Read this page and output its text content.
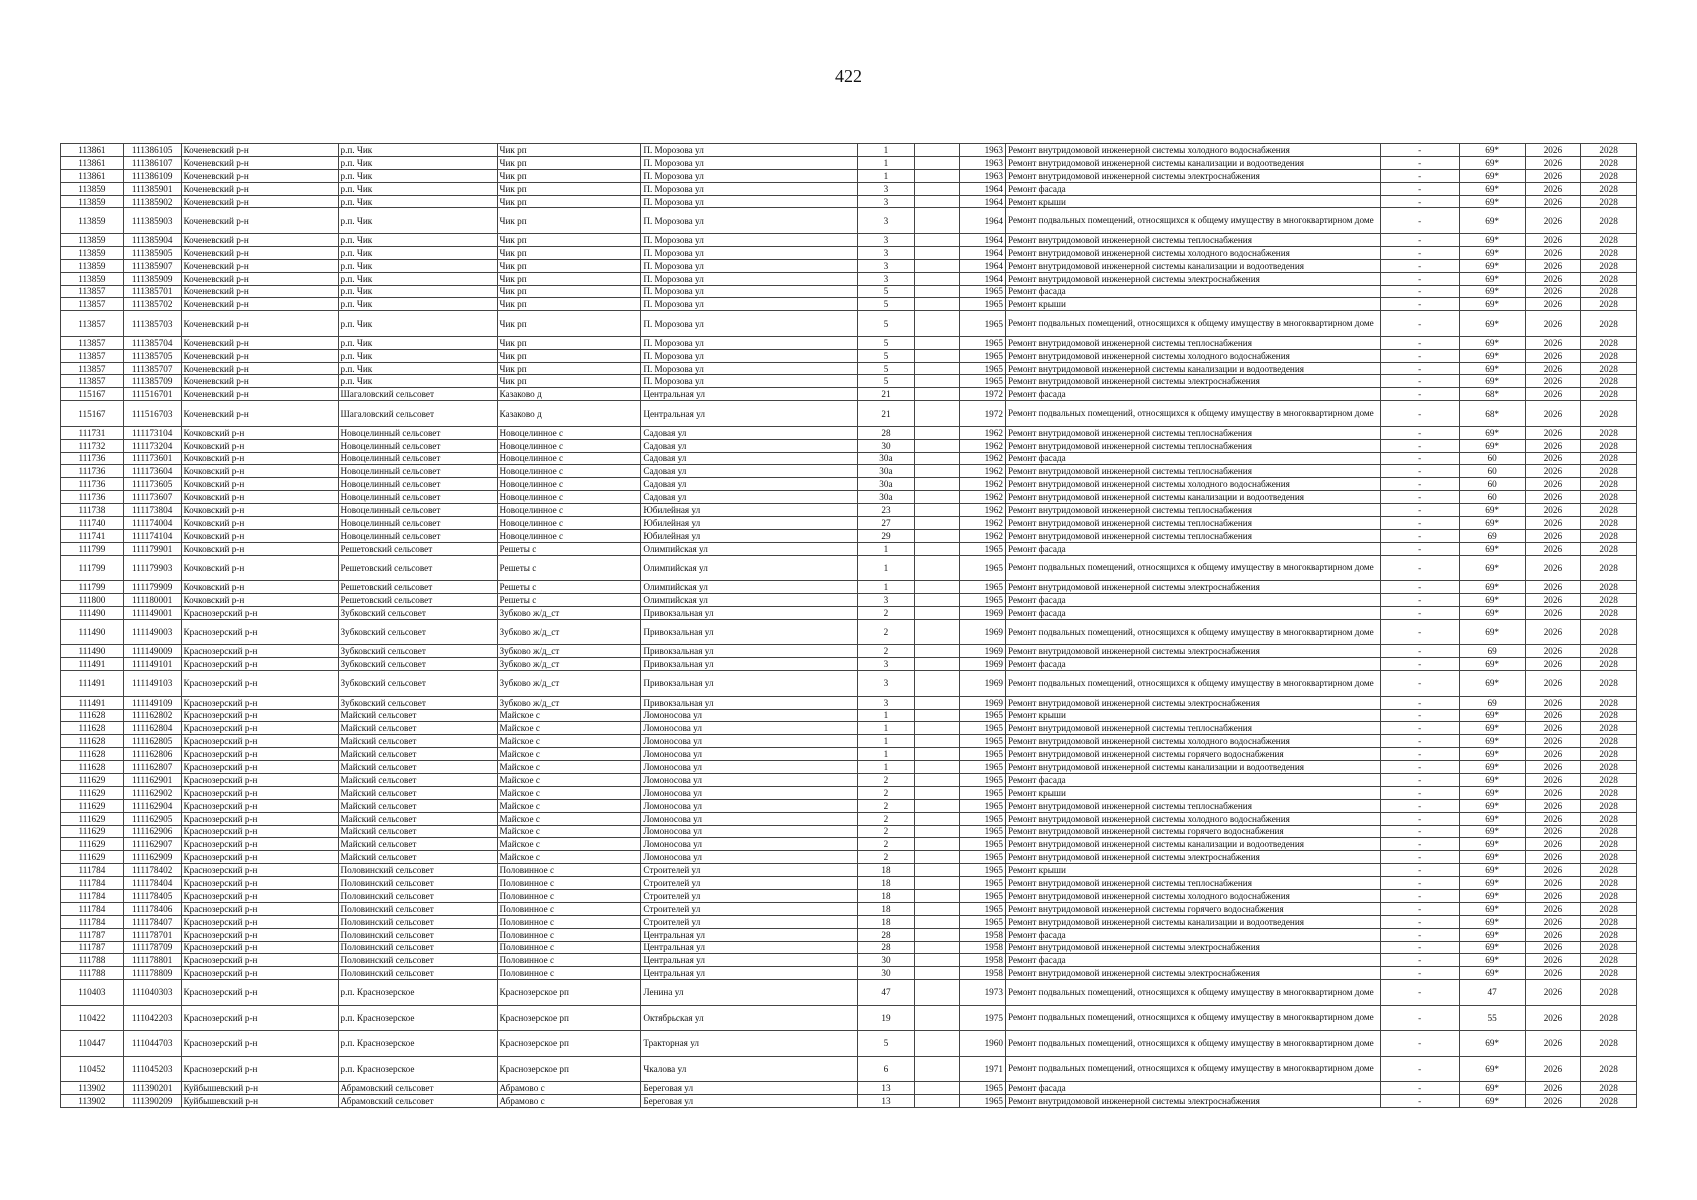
422
113861	111386105	Коченевский р-н	р.п. Чик	Чик рп	П. Морозова ул	1		1963	Ремонт внутридомовой инженерной системы холодного водоснабжения	-	69*	2026	2028
113861	111386107	Коченевский р-н	р.п. Чик	Чик рп	П. Морозова ул	1		1963	Ремонт внутридомовой инженерной системы канализации и водоотведения	-	69*	2026	2028
113861	111386109	Коченевский р-н	р.п. Чик	Чик рп	П. Морозова ул	1		1963	Ремонт внутридомовой инженерной системы электроснабжения	-	69*	2026	2028
113859	111385901	Коченевский р-н	р.п. Чик	Чик рп	П. Морозова ул	3		1964	Ремонт фасада	-	69*	2026	2028
113859	111385902	Коченевский р-н	р.п. Чик	Чик рп	П. Морозова ул	3		1964	Ремонт крыши	-	69*	2026	2028
113859	111385903	Коченевский р-н	р.п. Чик	Чик рп	П. Морозова ул	3		1964	Ремонт подвальных помещений, относящихся к общему имуществу в многоквартирном доме	-	69*	2026	2028
113859	111385904	Коченевский р-н	р.п. Чик	Чик рп	П. Морозова ул	3		1964	Ремонт внутридомовой инженерной системы теплоснабжения	-	69*	2026	2028
113859	111385905	Коченевский р-н	р.п. Чик	Чик рп	П. Морозова ул	3		1964	Ремонт внутридомовой инженерной системы холодного водоснабжения	-	69*	2026	2028
113859	111385907	Коченевский р-н	р.п. Чик	Чик рп	П. Морозова ул	3		1964	Ремонт внутридомовой инженерной системы канализации и водоотведения	-	69*	2026	2028
113859	111385909	Коченевский р-н	р.п. Чик	Чик рп	П. Морозова ул	3		1964	Ремонт внутридомовой инженерной системы электроснабжения	-	69*	2026	2028
113857	111385701	Коченевский р-н	р.п. Чик	Чик рп	П. Морозова ул	5		1965	Ремонт фасада	-	69*	2026	2028
113857	111385702	Коченевский р-н	р.п. Чик	Чик рп	П. Морозова ул	5		1965	Ремонт крыши	-	69*	2026	2028
113857	111385703	Коченевский р-н	р.п. Чик	Чик рп	П. Морозова ул	5		1965	Ремонт подвальных помещений, относящихся к общему имуществу в многоквартирном доме	-	69*	2026	2028
113857	111385704	Коченевский р-н	р.п. Чик	Чик рп	П. Морозова ул	5		1965	Ремонт внутридомовой инженерной системы теплоснабжения	-	69*	2026	2028
113857	111385705	Коченевский р-н	р.п. Чик	Чик рп	П. Морозова ул	5		1965	Ремонт внутридомовой инженерной системы холодного водоснабжения	-	69*	2026	2028
113857	111385707	Коченевский р-н	р.п. Чик	Чик рп	П. Морозова ул	5		1965	Ремонт внутридомовой инженерной системы канализации и водоотведения	-	69*	2026	2028
113857	111385709	Коченевский р-н	р.п. Чик	Чик рп	П. Морозова ул	5		1965	Ремонт внутридомовой инженерной системы электроснабжения	-	69*	2026	2028
115167	111516701	Коченевский р-н	Шагаловский сельсовет	Казаково д	Центральная ул	21		1972	Ремонт фасада	-	68*	2026	2028
115167	111516703	Коченевский р-н	Шагаловский сельсовет	Казаково д	Центральная ул	21		1972	Ремонт подвальных помещений, относящихся к общему имуществу в многоквартирном доме	-	68*	2026	2028
111731	111173104	Кочковский р-н	Новоцелинный сельсовет	Новоцелинное с	Садовая ул	28		1962	Ремонт внутридомовой инженерной системы теплоснабжения	-	69*	2026	2028
111732	111173204	Кочковский р-н	Новоцелинный сельсовет	Новоцелинное с	Садовая ул	30		1962	Ремонт внутридомовой инженерной системы теплоснабжения	-	69*	2026	2028
111736	111173601	Кочковский р-н	Новоцелинный сельсовет	Новоцелинное с	Садовая ул	30а		1962	Ремонт фасада	-	60	2026	2028
111736	111173604	Кочковский р-н	Новоцелинный сельсовет	Новоцелинное с	Садовая ул	30а		1962	Ремонт внутридомовой инженерной системы теплоснабжения	-	60	2026	2028
111736	111173605	Кочковский р-н	Новоцелинный сельсовет	Новоцелинное с	Садовая ул	30а		1962	Ремонт внутридомовой инженерной системы холодного водоснабжения	-	60	2026	2028
111736	111173607	Кочковский р-н	Новоцелинный сельсовет	Новоцелинное с	Садовая ул	30а		1962	Ремонт внутридомовой инженерной системы канализации и водоотведения	-	60	2026	2028
111738	111173804	Кочковский р-н	Новоцелинный сельсовет	Новоцелинное с	Юбилейная ул	23		1962	Ремонт внутридомовой инженерной системы теплоснабжения	-	69*	2026	2028
111740	111174004	Кочковский р-н	Новоцелинный сельсовет	Новоцелинное с	Юбилейная ул	27		1962	Ремонт внутридомовой инженерной системы теплоснабжения	-	69*	2026	2028
111741	111174104	Кочковский р-н	Новоцелинный сельсовет	Новоцелинное с	Юбилейная ул	29		1962	Ремонт внутридомовой инженерной системы теплоснабжения	-	69	2026	2028
111799	111179901	Кочковский р-н	Решетовский сельсовет	Решеты с	Олимпийская ул	1		1965	Ремонт фасада	-	69*	2026	2028
111799	111179903	Кочковский р-н	Решетовский сельсовет	Решеты с	Олимпийская ул	1		1965	Ремонт подвальных помещений, относящихся к общему имуществу в многоквартирном доме	-	69*	2026	2028
111799	111179909	Кочковский р-н	Решетовский сельсовет	Решеты с	Олимпийская ул	1		1965	Ремонт внутридомовой инженерной системы электроснабжения	-	69*	2026	2028
111800	111180001	Кочковский р-н	Решетовский сельсовет	Решеты с	Олимпийская ул	3		1965	Ремонт фасада	-	69*	2026	2028
111490	111149001	Краснозерский р-н	Зубковский сельсовет	Зубково ж/д_ст	Привокзальная ул	2		1969	Ремонт фасада	-	69*	2026	2028
111490	111149003	Краснозерский р-н	Зубковский сельсовет	Зубково ж/д_ст	Привокзальная ул	2		1969	Ремонт подвальных помещений, относящихся к общему имуществу в многоквартирном доме	-	69*	2026	2028
111490	111149009	Краснозерский р-н	Зубковский сельсовет	Зубково ж/д_ст	Привокзальная ул	2		1969	Ремонт внутридомовой инженерной системы электроснабжения	-	69	2026	2028
111491	111149101	Краснозерский р-н	Зубковский сельсовет	Зубково ж/д_ст	Привокзальная ул	3		1969	Ремонт фасада	-	69*	2026	2028
111491	111149103	Краснозерский р-н	Зубковский сельсовет	Зубково ж/д_ст	Привокзальная ул	3		1969	Ремонт подвальных помещений, относящихся к общему имуществу в многоквартирном доме	-	69*	2026	2028
111491	111149109	Краснозерский р-н	Зубковский сельсовет	Зубково ж/д_ст	Привокзальная ул	3		1969	Ремонт внутридомовой инженерной системы электроснабжения	-	69	2026	2028
111628	111162802	Краснозерский р-н	Майский сельсовет	Майское с	Ломоносова ул	1		1965	Ремонт крыши	-	69*	2026	2028
111628	111162804	Краснозерский р-н	Майский сельсовет	Майское с	Ломоносова ул	1		1965	Ремонт внутридомовой инженерной системы теплоснабжения	-	69*	2026	2028
111628	111162805	Краснозерский р-н	Майский сельсовет	Майское с	Ломоносова ул	1		1965	Ремонт внутридомовой инженерной системы холодного водоснабжения	-	69*	2026	2028
111628	111162806	Краснозерский р-н	Майский сельсовет	Майское с	Ломоносова ул	1		1965	Ремонт внутридомовой инженерной системы горячего водоснабжения	-	69*	2026	2028
111628	111162807	Краснозерский р-н	Майский сельсовет	Майское с	Ломоносова ул	1		1965	Ремонт внутридомовой инженерной системы канализации и водоотведения	-	69*	2026	2028
111629	111162901	Краснозерский р-н	Майский сельсовет	Майское с	Ломоносова ул	2		1965	Ремонт фасада	-	69*	2026	2028
111629	111162902	Краснозерский р-н	Майский сельсовет	Майское с	Ломоносова ул	2		1965	Ремонт крыши	-	69*	2026	2028
111629	111162904	Краснозерский р-н	Майский сельсовет	Майское с	Ломоносова ул	2		1965	Ремонт внутридомовой инженерной системы теплоснабжения	-	69*	2026	2028
111629	111162905	Краснозерский р-н	Майский сельсовет	Майское с	Ломоносова ул	2		1965	Ремонт внутридомовой инженерной системы холодного водоснабжения	-	69*	2026	2028
111629	111162906	Краснозерский р-н	Майский сельсовет	Майское с	Ломоносова ул	2		1965	Ремонт внутридомовой инженерной системы горячего водоснабжения	-	69*	2026	2028
111629	111162907	Краснозерский р-н	Майский сельсовет	Майское с	Ломоносова ул	2		1965	Ремонт внутридомовой инженерной системы канализации и водоотведения	-	69*	2026	2028
111629	111162909	Краснозерский р-н	Майский сельсовет	Майское с	Ломоносова ул	2		1965	Ремонт внутридомовой инженерной системы электроснабжения	-	69*	2026	2028
111784	111178402	Краснозерский р-н	Половинский сельсовет	Половинное с	Строителей ул	18		1965	Ремонт крыши	-	69*	2026	2028
111784	111178404	Краснозерский р-н	Половинский сельсовет	Половинное с	Строителей ул	18		1965	Ремонт внутридомовой инженерной системы теплоснабжения	-	69*	2026	2028
111784	111178405	Краснозерский р-н	Половинский сельсовет	Половинное с	Строителей ул	18		1965	Ремонт внутридомовой инженерной системы холодного водоснабжения	-	69*	2026	2028
111784	111178406	Краснозерский р-н	Половинский сельсовет	Половинное с	Строителей ул	18		1965	Ремонт внутридомовой инженерной системы горячего водоснабжения	-	69*	2026	2028
111784	111178407	Краснозерский р-н	Половинский сельсовет	Половинное с	Строителей ул	18		1965	Ремонт внутридомовой инженерной системы канализации и водоотведения	-	69*	2026	2028
111787	111178701	Краснозерский р-н	Половинский сельсовет	Половинное с	Центральная ул	28		1958	Ремонт фасада	-	69*	2026	2028
111787	111178709	Краснозерский р-н	Половинский сельсовет	Половинное с	Центральная ул	28		1958	Ремонт внутридомовой инженерной системы электроснабжения	-	69*	2026	2028
111788	111178801	Краснозерский р-н	Половинский сельсовет	Половинное с	Центральная ул	30		1958	Ремонт фасада	-	69*	2026	2028
111788	111178809	Краснозерский р-н	Половинский сельсовет	Половинное с	Центральная ул	30		1958	Ремонт внутридомовой инженерной системы электроснабжения	-	69*	2026	2028
110403	111040303	Краснозерский р-н	р.п. Краснозерское	Краснозерское рп	Ленина ул	47		1973	Ремонт подвальных помещений, относящихся к общему имуществу в многоквартирном доме	-	47	2026	2028
110422	111042203	Краснозерский р-н	р.п. Краснозерское	Краснозерское рп	Октябрьская ул	19		1975	Ремонт подвальных помещений, относящихся к общему имуществу в многоквартирном доме	-	55	2026	2028
110447	111044703	Краснозерский р-н	р.п. Краснозерское	Краснозерское рп	Тракторная ул	5		1960	Ремонт подвальных помещений, относящихся к общему имуществу в многоквартирном доме	-	69*	2026	2028
110452	111045203	Краснозерский р-н	р.п. Краснозерское	Краснозерское рп	Чкалова ул	6		1971	Ремонт подвальных помещений, относящихся к общему имуществу в многоквартирном доме	-	69*	2026	2028
113902	111390201	Куйбышевский р-н	Абрамовский сельсовет	Абрамово с	Береговая ул	13		1965	Ремонт фасада	-	69*	2026	2028
113902	111390209	Куйбышевский р-н	Абрамовский сельсовет	Абрамово с	Береговая ул	13		1965	Ремонт внутридомовой инженерной системы электроснабжения	-	69*	2026	2028
